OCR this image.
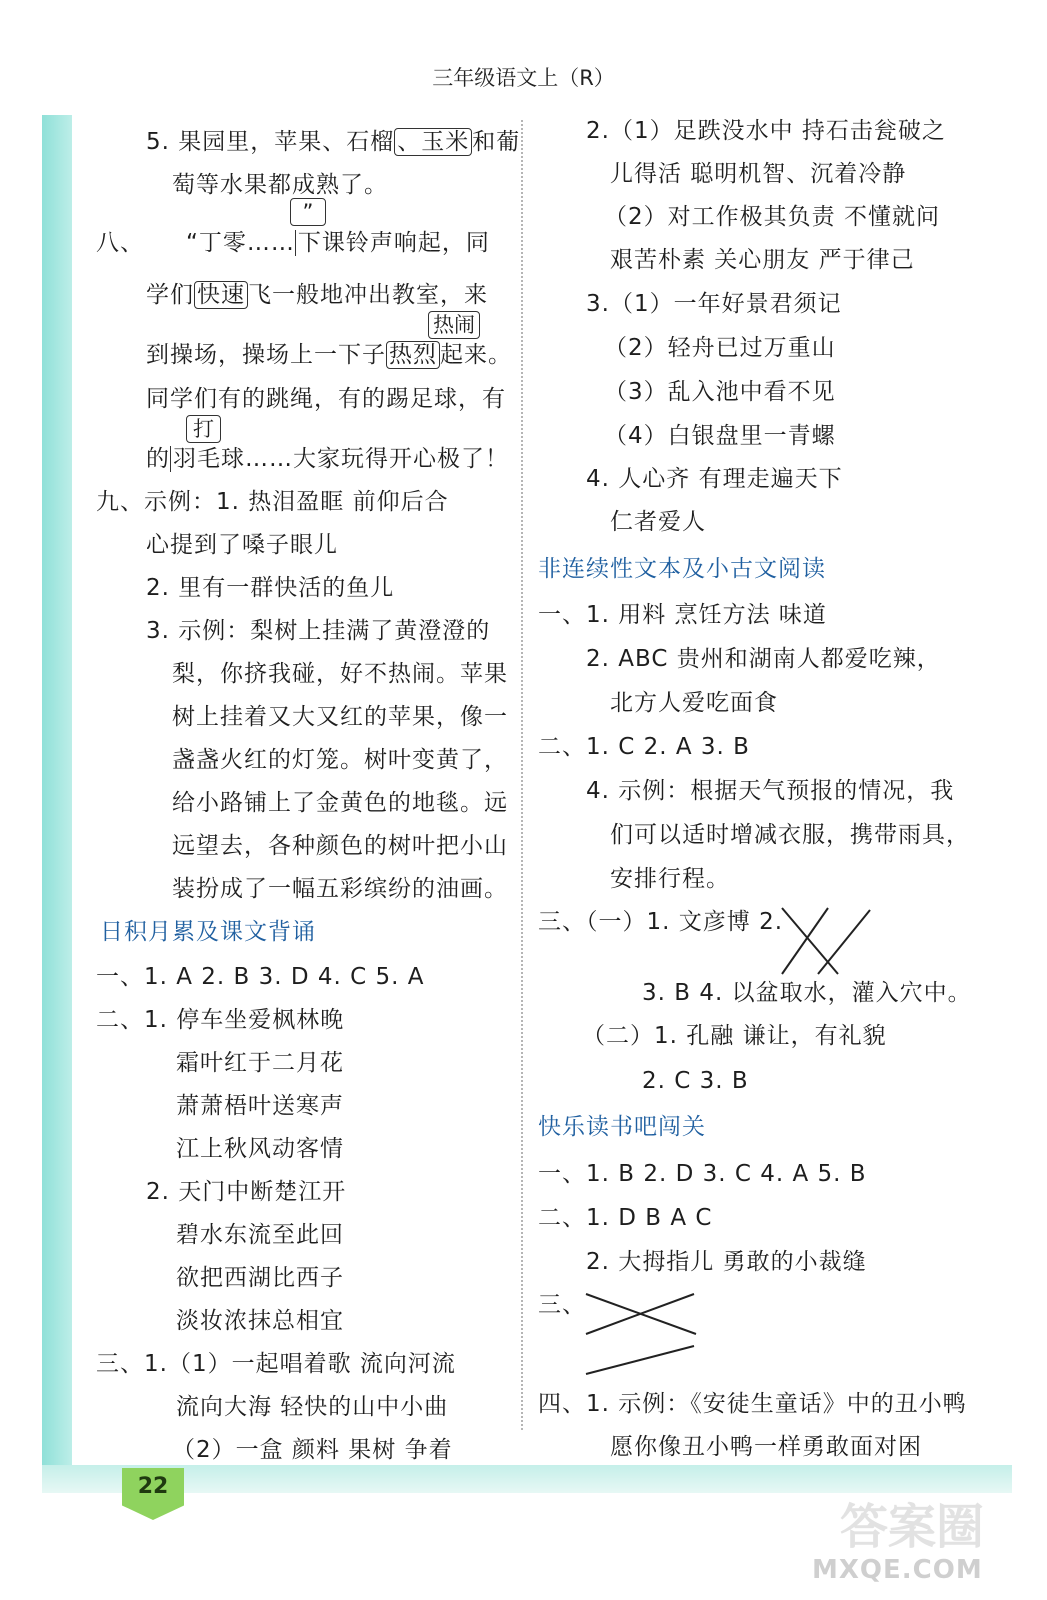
22
三年级语文上（R）
5. 果园里，苹果、石榴 、玉米 和葡
萄等水果都成熟了。
”
八、 “丁零…… 下课铃声响起，同
学们 快速 飞一般地冲出教室，来
热闹
到操场，操场上一下子 热烈 起来。
同学们有的跳绳，有的踢足球，有
打
的 羽毛球……大家玩得开心极了！
九、示例：1. 热泪盈眶 前仰后合
心提到了嗓子眼儿
2. 里有一群快活的鱼儿
3. 示例：梨树上挂满了黄澄澄的
梨，你挤我碰，好不热闹。苹果
树上挂着又大又红的苹果，像一
盏盏火红的灯笼。树叶变黄了，
给小路铺上了金黄色的地毯。远
远望去，各种颜色的树叶把小山
装扮成了一幅五彩缤纷的油画。
日积月累及课文背诵
一、1. A 2. B 3. D 4. C 5. A
二、1. 停车坐爱枫林晚
霜叶红于二月花
萧萧梧叶送寒声
江上秋风动客情
2. 天门中断楚江开
碧水东流至此回
欲把西湖比西子
淡妆浓抹总相宜
三、1.（1）一起唱着歌 流向河流
流向大海 轻快的山中小曲
（2）一盒 颜料 果树 争着
2.（1）足跌没水中 持石击瓮破之
儿得活 聪明机智、沉着冷静
（2）对工作极其负责 不懂就问
艰苦朴素 关心朋友 严于律己
3.（1）一年好景君须记
（2）轻舟已过万重山
（3）乱入池中看不见
（4）白银盘里一青螺
4. 人心齐 有理走遍天下
仁者爱人
非连续性文本及小古文阅读
一、1. 用料 烹饪方法 味道
2. ABC 贵州和湖南人都爱吃辣，
北方人爱吃面食
二、1. C 2. A 3. B
4. 示例：根据天气预报的情况，我
们可以适时增减衣服，携带雨具，
安排行程。
三、（一）1. 文彦博 2.
3. B 4. 以盆取水，灌入穴中。
（二）1. 孔融 谦让，有礼貌
2. C 3. B
快乐读书吧闯关
一、1. B 2. D 3. C 4. A 5. B
二、1. D B A C
2. 大拇指儿 勇敢的小裁缝
三、
四、1. 示例：《安徒生童话》中的丑小鸭
愿你像丑小鸭一样勇敢面对困
答案圈
MXQE.COM
